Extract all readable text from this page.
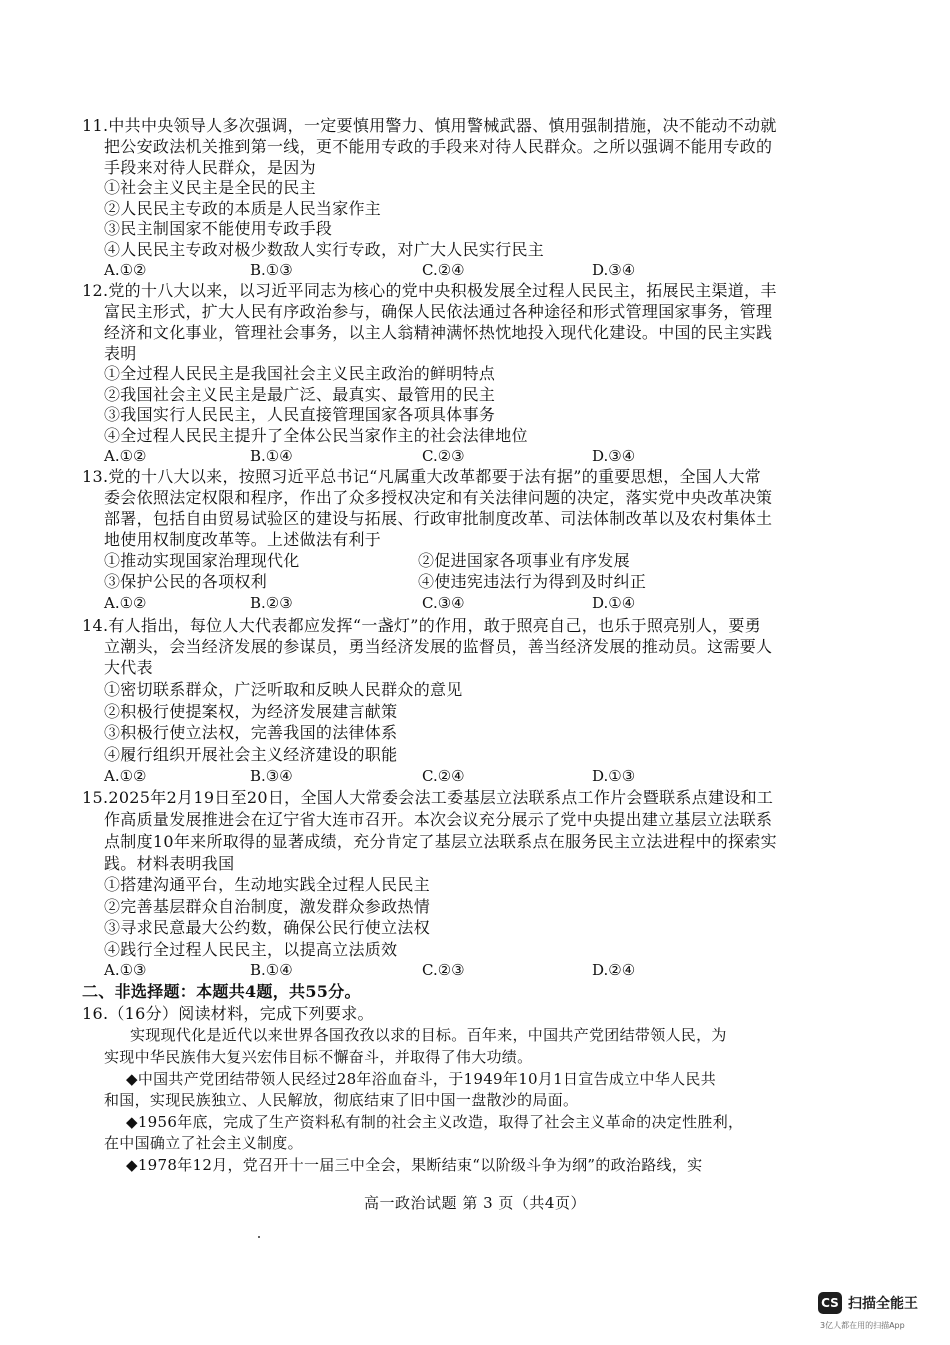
11.中共中央领导人多次强调，一定要慎用警力、慎用警械武器、慎用强制措施，决不能动不动就
把公安政法机关推到第一线，更不能用专政的手段来对待人民群众。之所以强调不能用专政的
手段来对待人民群众，是因为
①社会主义民主是全民的民主
②人民民主专政的本质是人民当家作主
③民主制国家不能使用专政手段
④人民民主专政对极少数敌人实行专政，对广大人民实行民主
A.①②	B.①③	C.②④	D.③④
12.党的十八大以来，以习近平同志为核心的党中央积极发展全过程人民民主，拓展民主渠道，丰
富民主形式，扩大人民有序政治参与，确保人民依法通过各种途径和形式管理国家事务，管理
经济和文化事业，管理社会事务，以主人翁精神满怀热忱地投入现代化建设。中国的民主实践
表明
①全过程人民民主是我国社会主义民主政治的鲜明特点
②我国社会主义民主是最广泛、最真实、最管用的民主
③我国实行人民民主，人民直接管理国家各项具体事务
④全过程人民民主提升了全体公民当家作主的社会法律地位
A.①②	B.①④	C.②③	D.③④
13.党的十八大以来，按照习近平总书记“凡属重大改革都要于法有据”的重要思想，全国人大常
委会依照法定权限和程序，作出了众多授权决定和有关法律问题的决定，落实党中央改革决策
部署，包括自由贸易试验区的建设与拓展、行政审批制度改革、司法体制改革以及农村集体土
地使用权制度改革等。上述做法有利于
①推动实现国家治理现代化	②促进国家各项事业有序发展
③保护公民的各项权利	④使违宪违法行为得到及时纠正
A.①②	B.②③	C.③④	D.①④
14.有人指出，每位人大代表都应发挥“一盏灯”的作用，敢于照亮自己，也乐于照亮别人，要勇
立潮头，会当经济发展的参谋员，勇当经济发展的监督员，善当经济发展的推动员。这需要人
大代表
①密切联系群众，广泛听取和反映人民群众的意见
②积极行使提案权，为经济发展建言献策
③积极行使立法权，完善我国的法律体系
④履行组织开展社会主义经济建设的职能
A.①②	B.③④	C.②④	D.①③
15.2025年2月19日至20日，全国人大常委会法工委基层立法联系点工作片会暨联系点建设和工
作高质量发展推进会在辽宁省大连市召开。本次会议充分展示了党中央提出建立基层立法联系
点制度10年来所取得的显著成绩，充分肯定了基层立法联系点在服务民主立法进程中的探索实
践。材料表明我国
①搭建沟通平台，生动地实践全过程人民民主
②完善基层群众自治制度，激发群众参政热情
③寻求民意最大公约数，确保公民行使立法权
④践行全过程人民民主，以提高立法质效
A.①③	B.①④	C.②③	D.②④
二、非选择题：本题共4题，共55分。
16.（16分）阅读材料，完成下列要求。
实现现代化是近代以来世界各国孜孜以求的目标。百年来，中国共产党团结带领人民，为
实现中华民族伟大复兴宏伟目标不懈奋斗，并取得了伟大功绩。
◆中国共产党团结带领人民经过28年浴血奋斗，于1949年10月1日宣告成立中华人民共
和国，实现民族独立、人民解放，彻底结束了旧中国一盘散沙的局面。
◆1956年底，完成了生产资料私有制的社会主义改造，取得了社会主义革命的决定性胜利，
在中国确立了社会主义制度。
◆1978年12月，党召开十一届三中全会，果断结束“以阶级斗争为纲”的政治路线，实
高一政治试题 第 3 页（共4页）
CS 扫描全能王
3亿人都在用的扫描App
